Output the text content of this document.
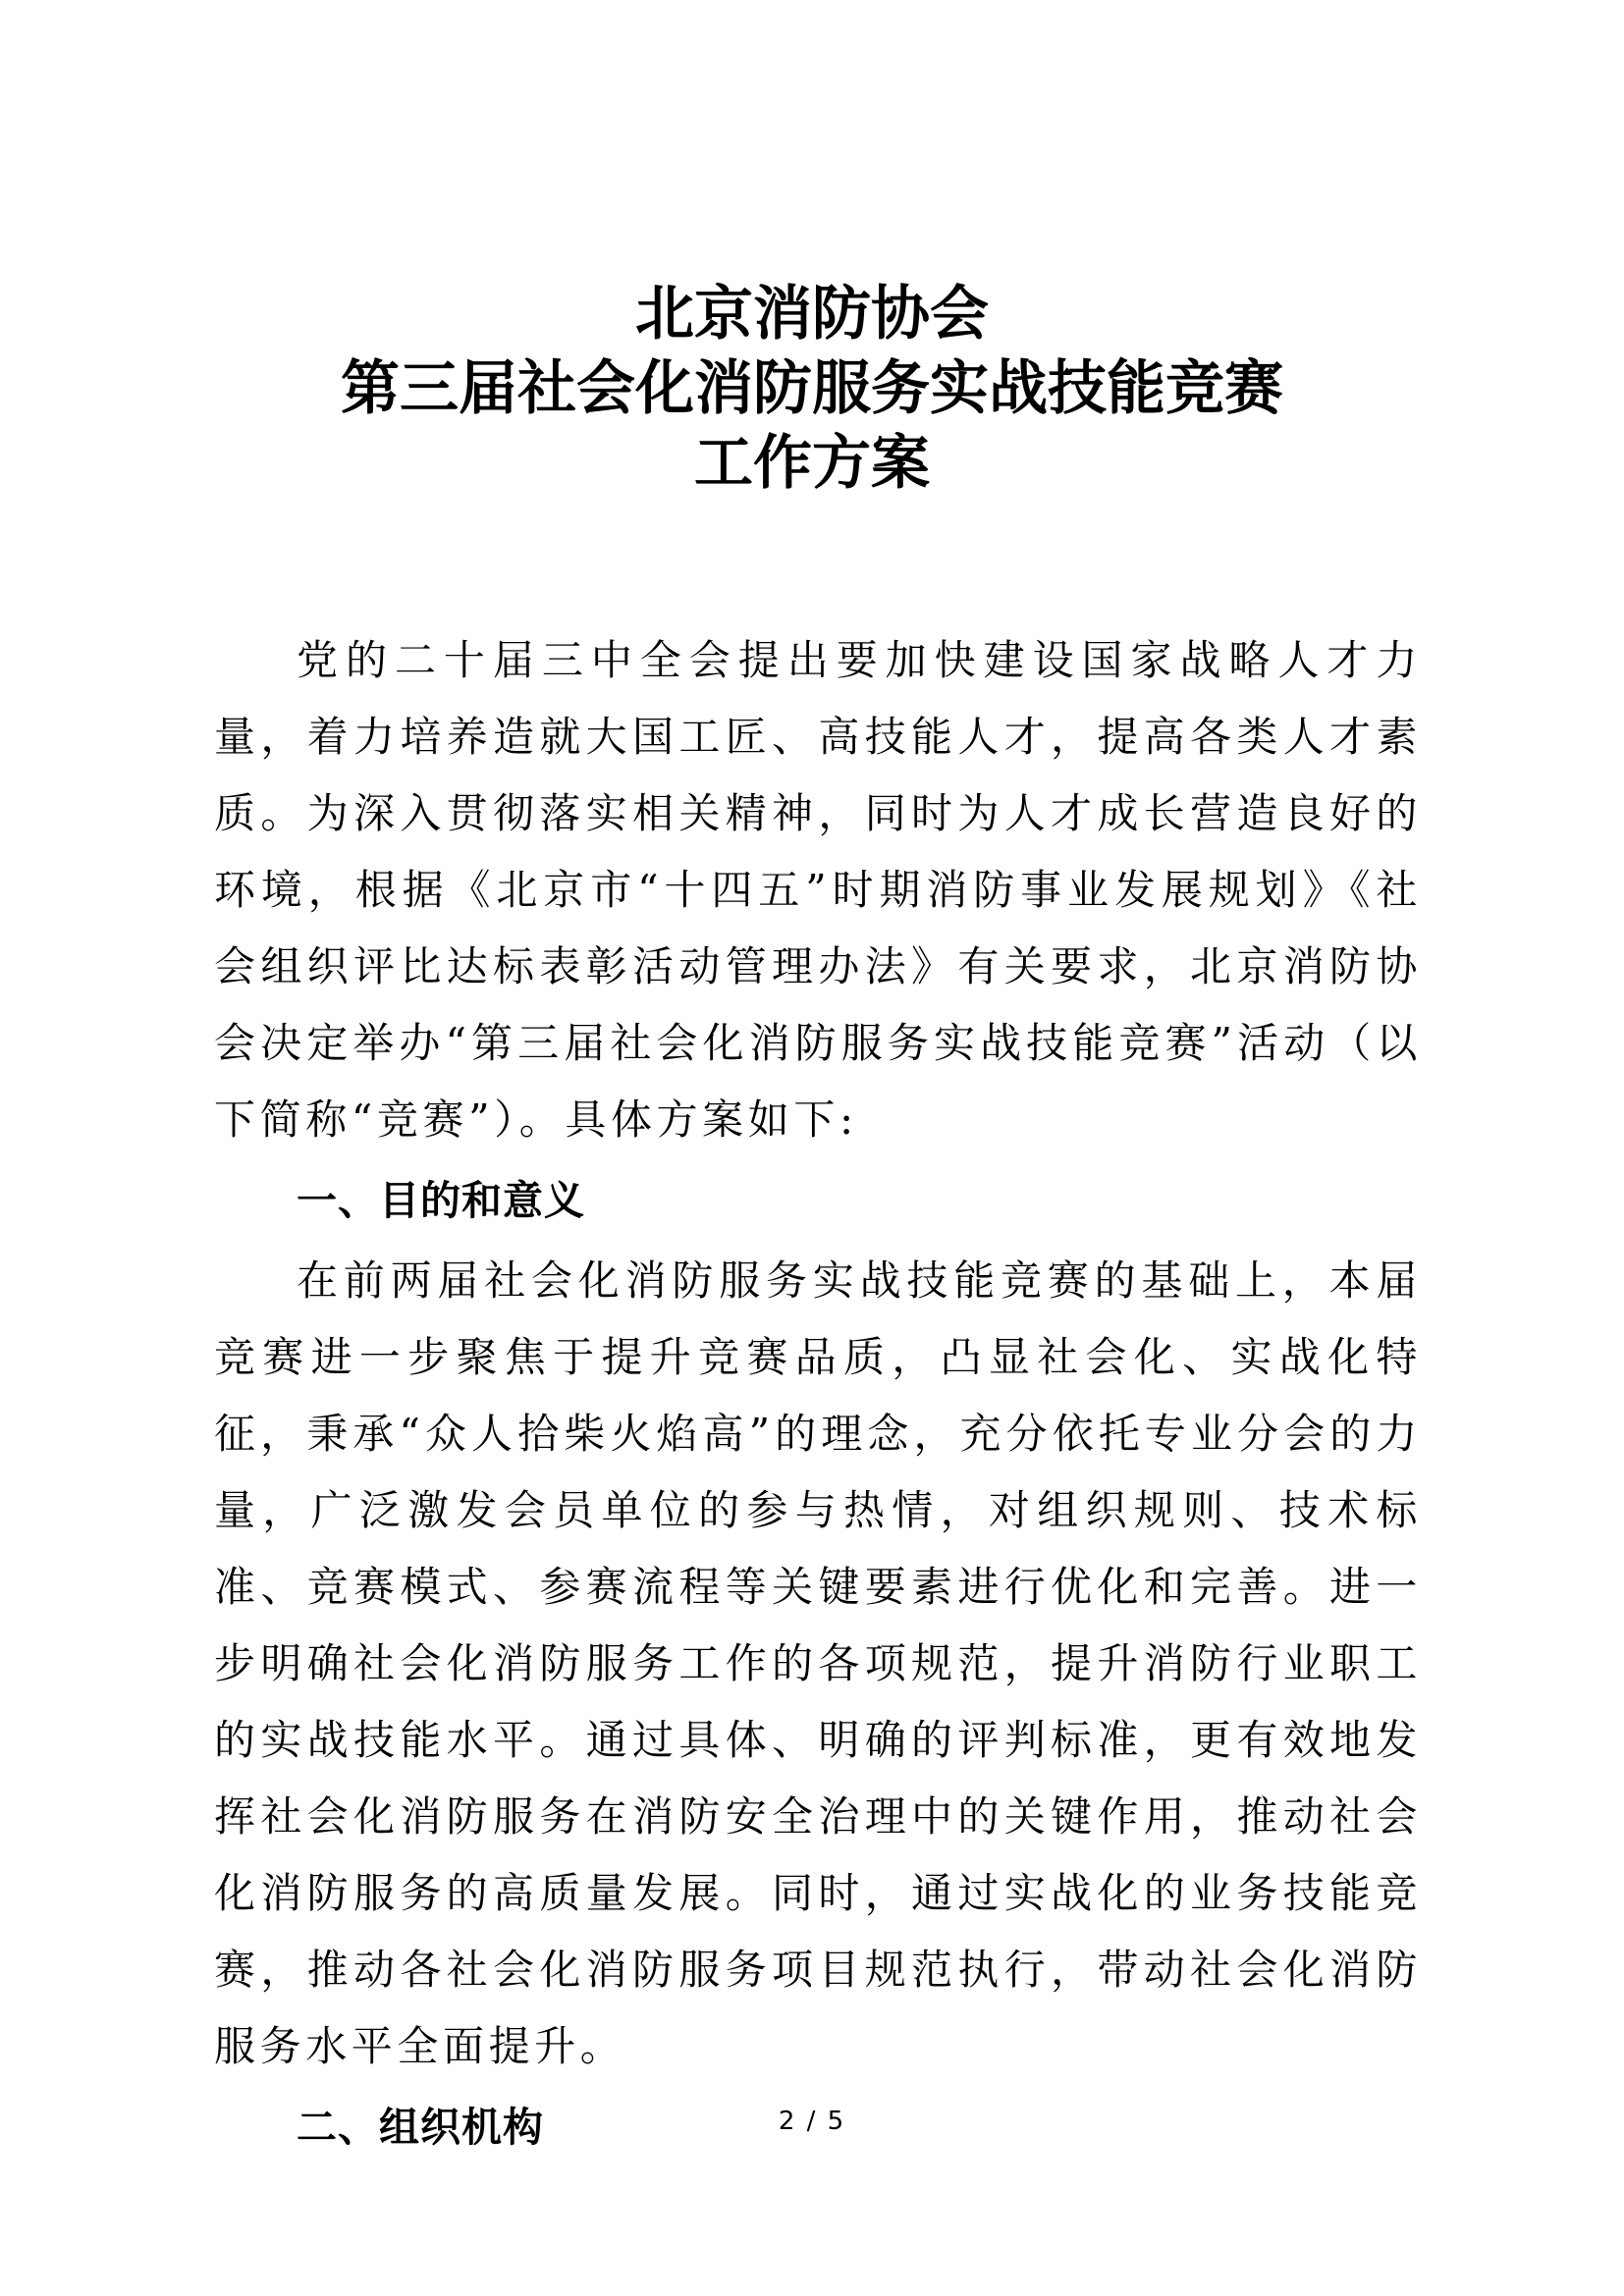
北京消防协会
第三届社会化消防服务实战技能竞赛
工作方案

党的二十届三中全会提出要加快建设国家战略人才力量，着力培养造就大国工匠、高技能人才，提高各类人才素质。为深入贯彻落实相关精神，同时为人才成长营造良好的环境，根据《北京市“十四五”时期消防事业发展规划》《社会组织评比达标表彰活动管理办法》有关要求，北京消防协会决定举办“第三届社会化消防服务实战技能竞赛”活动（以下简称“竞赛”）。具体方案如下:

一、目的和意义

在前两届社会化消防服务实战技能竞赛的基础上，本届竞赛进一步聚焦于提升竞赛品质，凸显社会化、实战化特征，秉承“众人拾柴火焰高”的理念，充分依托专业分会的力量，广泛激发会员单位的参与热情，对组织规则、技术标准、竞赛模式、参赛流程等关键要素进行优化和完善。进一步明确社会化消防服务工作的各项规范，提升消防行业职工的实战技能水平。通过具体、明确的评判标准，更有效地发挥社会化消防服务在消防安全治理中的关键作用，推动社会化消防服务的高质量发展。同时，通过实战化的业务技能竞赛，推动各社会化消防服务项目规范执行，带动社会化消防服务水平全面提升。

二、组织机构	2 / 5
